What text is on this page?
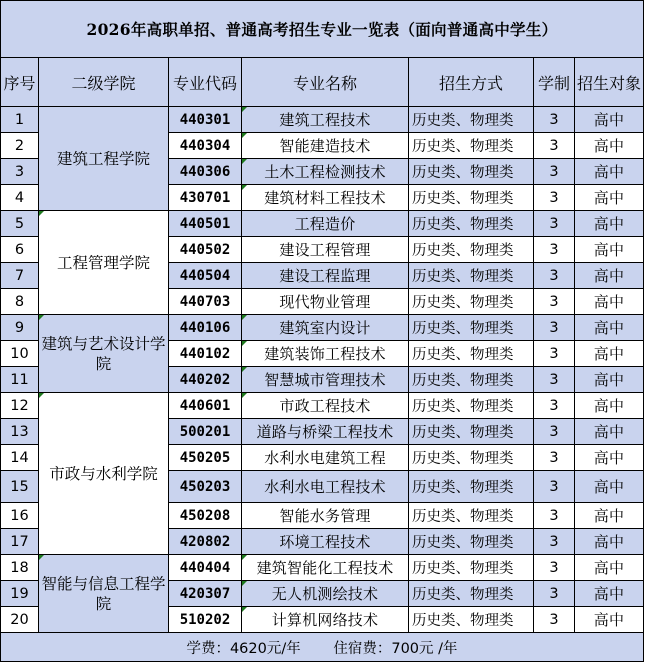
2026年高职单招、普通高考招生专业一览表（面向普通高中学生）						
序号	二级学院	专业代码	专业名称	招生方式	学制	招生对象
1	建筑工程学院	440301	建筑工程技术	历史类、物理类	3	高中
2		440304	智能建造技术	历史类、物理类	3	高中
3		440306	土木工程检测技术	历史类、物理类	3	高中
4		430701	建筑材料工程技术	历史类、物理类	3	高中
5	工程管理学院	440501	工程造价	历史类、物理类	3	高中
6		440502	建设工程管理	历史类、物理类	3	高中
7		440504	建设工程监理	历史类、物理类	3	高中
8		440703	现代物业管理	历史类、物理类	3	高中
9	建筑与艺术设计学院	440106	建筑室内设计	历史类、物理类	3	高中
10		440102	建筑装饰工程技术	历史类、物理类	3	高中
11		440202	智慧城市管理技术	历史类、物理类	3	高中
12	市政与水利学院	440601	市政工程技术	历史类、物理类	3	高中
13		500201	道路与桥梁工程技术	历史类、物理类	3	高中
14		450205	水利水电建筑工程	历史类、物理类	3	高中
15		450203	水利水电工程技术	历史类、物理类	3	高中
16		450208	智能水务管理	历史类、物理类	3	高中
17		420802	环境工程技术	历史类、物理类	3	高中
18	智能与信息工程学院	440404	建筑智能化工程技术	历史类、物理类	3	高中
19		420307	无人机测绘技术	历史类、物理类	3	高中
20		510202	计算机网络技术	历史类、物理类	3	高中
学费：4620元/年 住宿费：700元 /年						
